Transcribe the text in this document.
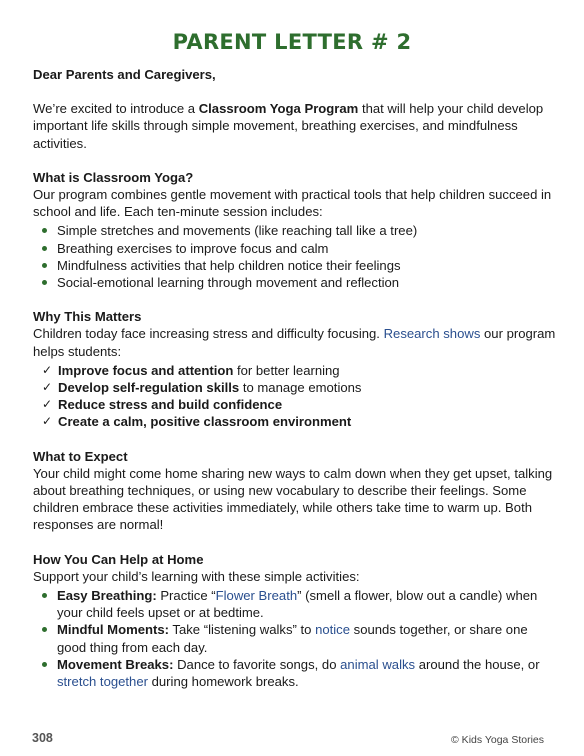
PARENT LETTER # 2

Dear Parents and Caregivers,

We’re excited to introduce a Classroom Yoga Program that will help your child develop important life skills through simple movement, breathing exercises, and mindfulness activities.

What is Classroom Yoga?

Our program combines gentle movement with practical tools that help children succeed in school and life. Each ten-minute session includes:

Simple stretches and movements (like reaching tall like a tree)
Breathing exercises to improve focus and calm
Mindfulness activities that help children notice their feelings
Social-emotional learning through movement and reflection

Why This Matters

Children today face increasing stress and difficulty focusing. Research shows our program helps students:

✓ Improve focus and attention for better learning
✓ Develop self-regulation skills to manage emotions
✓ Reduce stress and build confidence
✓ Create a calm, positive classroom environment

What to Expect

Your child might come home sharing new ways to calm down when they get upset, talking about breathing techniques, or using new vocabulary to describe their feelings. Some children embrace these activities immediately, while others take time to warm up. Both responses are normal!

How You Can Help at Home

Support your child’s learning with these simple activities:

Easy Breathing: Practice “Flower Breath” (smell a flower, blow out a candle) when your child feels upset or at bedtime.
Mindful Moments: Take “listening walks” to notice sounds together, or share one good thing from each day.
Movement Breaks: Dance to favorite songs, do animal walks around the house, or stretch together during homework breaks.
308	© Kids Yoga Stories
